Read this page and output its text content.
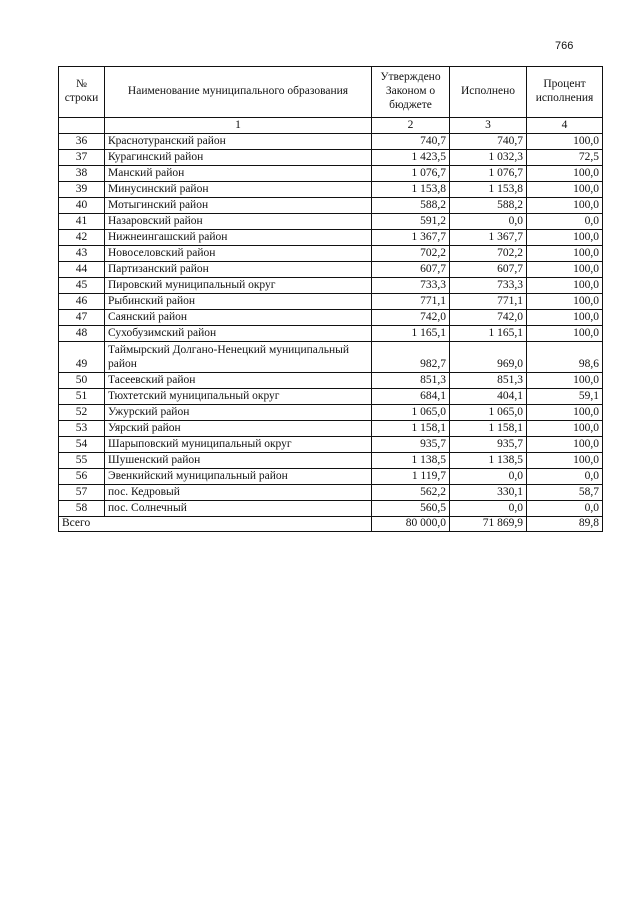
766
№ строки	Наименование муниципального образования	Утверждено Законом о бюджете	Исполнено	Процент исполнения
	1	2	3	4
36	Краснотуранский район	740,7	740,7	100,0
37	Курагинский район	1 423,5	1 032,3	72,5
38	Манский район	1 076,7	1 076,7	100,0
39	Минусинский район	1 153,8	1 153,8	100,0
40	Мотыгинский район	588,2	588,2	100,0
41	Назаровский район	591,2	0,0	0,0
42	Нижнеингашский район	1 367,7	1 367,7	100,0
43	Новоселовский район	702,2	702,2	100,0
44	Партизанский район	607,7	607,7	100,0
45	Пировский муниципальный округ	733,3	733,3	100,0
46	Рыбинский район	771,1	771,1	100,0
47	Саянский район	742,0	742,0	100,0
48	Сухобузимский район	1 165,1	1 165,1	100,0
49	Таймырский Долгано-Ненецкий муниципальный район	982,7	969,0	98,6
50	Тасеевский район	851,3	851,3	100,0
51	Тюхтетский муниципальный округ	684,1	404,1	59,1
52	Ужурский район	1 065,0	1 065,0	100,0
53	Уярский район	1 158,1	1 158,1	100,0
54	Шарыповский муниципальный округ	935,7	935,7	100,0
55	Шушенский район	1 138,5	1 138,5	100,0
56	Эвенкийский муниципальный район	1 119,7	0,0	0,0
57	пос. Кедровый	562,2	330,1	58,7
58	пос. Солнечный	560,5	0,0	0,0
Всего		80 000,0	71 869,9	89,8
